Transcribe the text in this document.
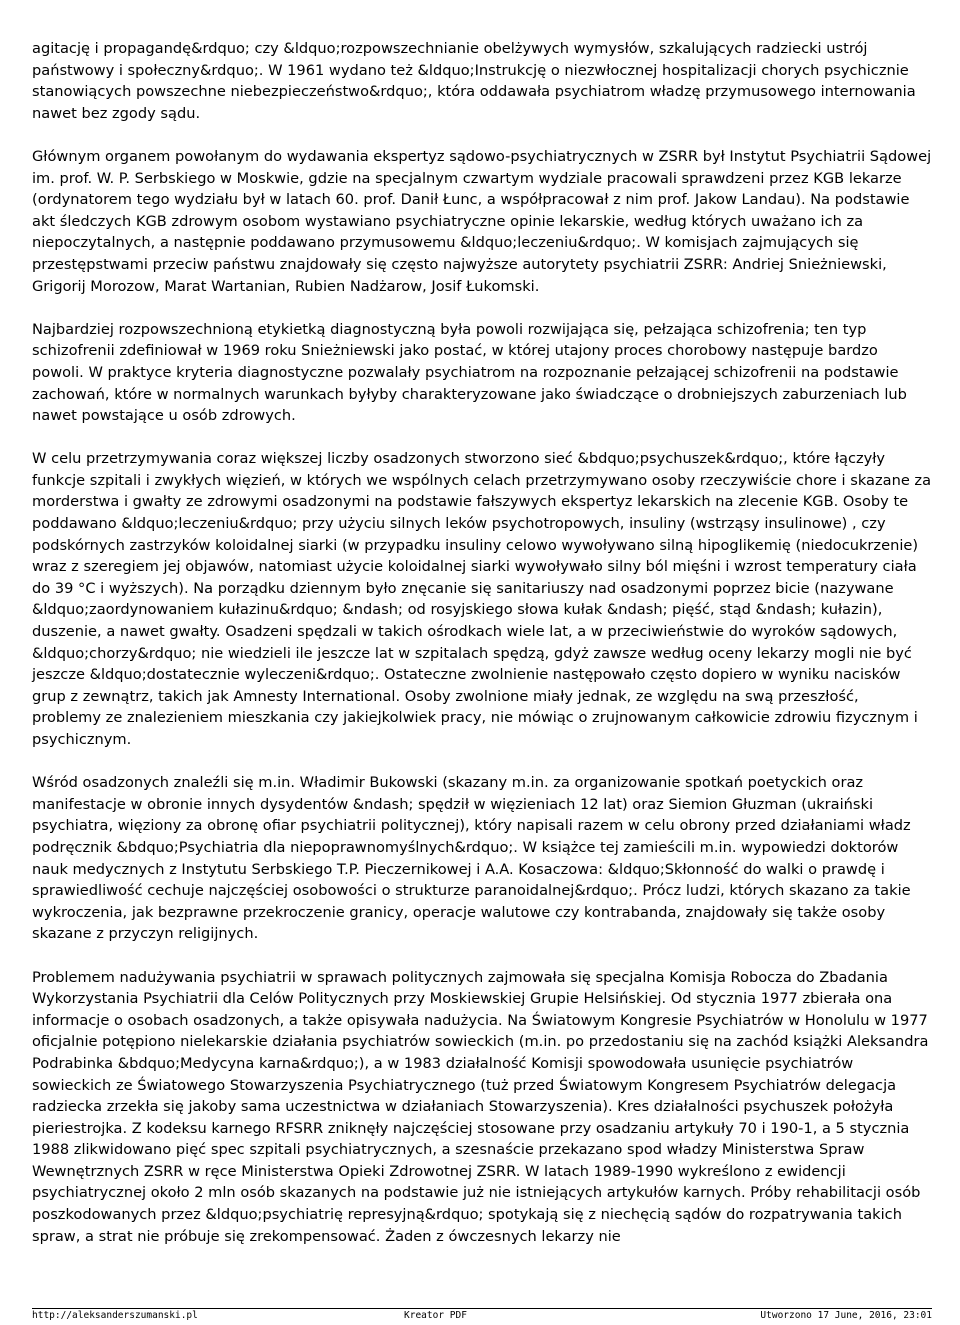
agitację i propagandę&rdquo; czy &ldquo;rozpowszechnianie obelżywych wymysłów, szkalujących radziecki ustrój państwowy i społeczny&rdquo;. W 1961 wydano też &ldquo;Instrukcję o niezwłocznej hospitalizacji chorych psychicznie stanowiących powszechne niebezpieczeństwo&rdquo;, która oddawała psychiatrom władzę przymusowego internowania nawet bez zgody sądu.

Głównym organem powołanym do wydawania ekspertyz sądowo-psychiatrycznych w ZSRR był Instytut Psychiatrii Sądowej im. prof. W. P. Serbskiego w Moskwie, gdzie na specjalnym czwartym wydziale pracowali sprawdzeni przez KGB lekarze (ordynatorem tego wydziału był w latach 60. prof. Danił Łunc, a współpracował z nim prof. Jakow Landau). Na podstawie akt śledczych KGB zdrowym osobom wystawiano psychiatryczne opinie lekarskie, według których uważano ich za niepoczytalnych, a następnie poddawano przymusowemu &ldquo;leczeniu&rdquo;. W komisjach zajmujących się przestępstwami przeciw państwu znajdowały się często najwyższe autorytety psychiatrii ZSRR: Andriej Snieżniewski, Grigorij Morozow, Marat Wartanian, Rubien Nadżarow, Josif Łukomski.

Najbardziej rozpowszechnioną etykietką diagnostyczną była powoli rozwijająca się, pełzająca schizofrenia; ten typ schizofrenii zdefiniował w 1969 roku Snieżniewski jako postać, w której utajony proces chorobowy następuje bardzo powoli. W praktyce kryteria diagnostyczne pozwalały psychiatrom na rozpoznanie pełzającej schizofrenii na podstawie zachowań, które w normalnych warunkach byłyby charakteryzowane jako świadczące o drobniejszych zaburzeniach lub nawet powstające u osób zdrowych.

W celu przetrzymywania coraz większej liczby osadzonych stworzono sieć &bdquo;psychuszek&rdquo;, które łączyły funkcje szpitali i zwykłych więzień, w których we wspólnych celach przetrzymywano osoby rzeczywiście chore i skazane za morderstwa i gwałty ze zdrowymi osadzonymi na podstawie fałszywych ekspertyz lekarskich na zlecenie KGB. Osoby te poddawano &ldquo;leczeniu&rdquo; przy użyciu silnych leków psychotropowych, insuliny (wstrząsy insulinowe) , czy podskórnych zastrzyków koloidalnej siarki (w przypadku insuliny celowo wywoływano silną hipoglikemię (niedocukrzenie) wraz z szeregiem jej objawów, natomiast użycie koloidalnej siarki wywoływało silny ból mięśni i wzrost temperatury ciała do 39 °C i wyższych). Na porządku dziennym było znęcanie się sanitariuszy nad osadzonymi poprzez bicie (nazywane &ldquo;zaordynowaniem kułazinu&rdquo; &ndash; od rosyjskiego słowa kułak &ndash; pięść, stąd &ndash; kułazin), duszenie, a nawet gwałty. Osadzeni spędzali w takich ośrodkach wiele lat, a w przeciwieństwie do wyroków sądowych, &ldquo;chorzy&rdquo; nie wiedzieli ile jeszcze lat w szpitalach spędzą, gdyż zawsze według oceny lekarzy mogli nie być jeszcze &ldquo;dostatecznie wyleczeni&rdquo;. Ostateczne zwolnienie następowało często dopiero w wyniku nacisków grup z zewnątrz, takich jak Amnesty International. Osoby zwolnione miały jednak, ze względu na swą przeszłość, problemy ze znalezieniem mieszkania czy jakiejkolwiek pracy, nie mówiąc o zrujnowanym całkowicie zdrowiu fizycznym i psychicznym.

Wśród osadzonych znaleźli się m.in. Władimir Bukowski (skazany m.in. za organizowanie spotkań poetyckich oraz manifestacje w obronie innych dysydentów &ndash; spędził w więzieniach 12 lat) oraz Siemion Głuzman (ukraiński psychiatra, więziony za obronę ofiar psychiatrii politycznej), który napisali razem w celu obrony przed działaniami władz podręcznik &bdquo;Psychiatria dla niepoprawnomyślnych&rdquo;. W książce tej zamieścili m.in. wypowiedzi doktorów nauk medycznych z Instytutu Serbskiego T.P. Pieczernikowej i A.A. Kosaczowa: &ldquo;Skłonność do walki o prawdę i sprawiedliwość cechuje najczęściej osobowości o strukturze paranoidalnej&rdquo;. Prócz ludzi, których skazano za takie wykroczenia, jak bezprawne przekroczenie granicy, operacje walutowe czy kontrabanda, znajdowały się także osoby skazane z przyczyn religijnych.

Problemem nadużywania psychiatrii w sprawach politycznych zajmowała się specjalna Komisja Robocza do Zbadania Wykorzystania Psychiatrii dla Celów Politycznych przy Moskiewskiej Grupie Helsińskiej. Od stycznia 1977 zbierała ona informacje o osobach osadzonych, a także opisywała nadużycia. Na Światowym Kongresie Psychiatrów w Honolulu w 1977 oficjalnie potępiono nielekarskie działania psychiatrów sowieckich (m.in. po przedostaniu się na zachód książki Aleksandra Podrabinka &bdquo;Medycyna karna&rdquo;), a w 1983 działalność Komisji spowodowała usunięcie psychiatrów sowieckich ze Światowego Stowarzyszenia Psychiatrycznego (tuż przed Światowym Kongresem Psychiatrów delegacja radziecka zrzekła się jakoby sama uczestnictwa w działaniach Stowarzyszenia). Kres działalności psychuszek położyła pieriestrojka. Z kodeksu karnego RFSRR zniknęły najczęściej stosowane przy osadzaniu artykuły 70 i 190-1, a 5 stycznia 1988 zlikwidowano pięć spec szpitali psychiatrycznych, a szesnaście przekazano spod władzy Ministerstwa Spraw Wewnętrznych ZSRR w ręce Ministerstwa Opieki Zdrowotnej ZSRR. W latach 1989-1990 wykreślono z ewidencji psychiatrycznej około 2 mln osób skazanych na podstawie już nie istniejących artykułów karnych. Próby rehabilitacji osób poszkodowanych przez &ldquo;psychiatrię represyjną&rdquo; spotykają się z niechęcią sądów do rozpatrywania takich spraw, a strat nie próbuje się zrekompensować. Żaden z ówczesnych lekarzy nie

http://aleksanderszumanski.pl	Kreator PDF	Utworzono 17 June, 2016, 23:01
